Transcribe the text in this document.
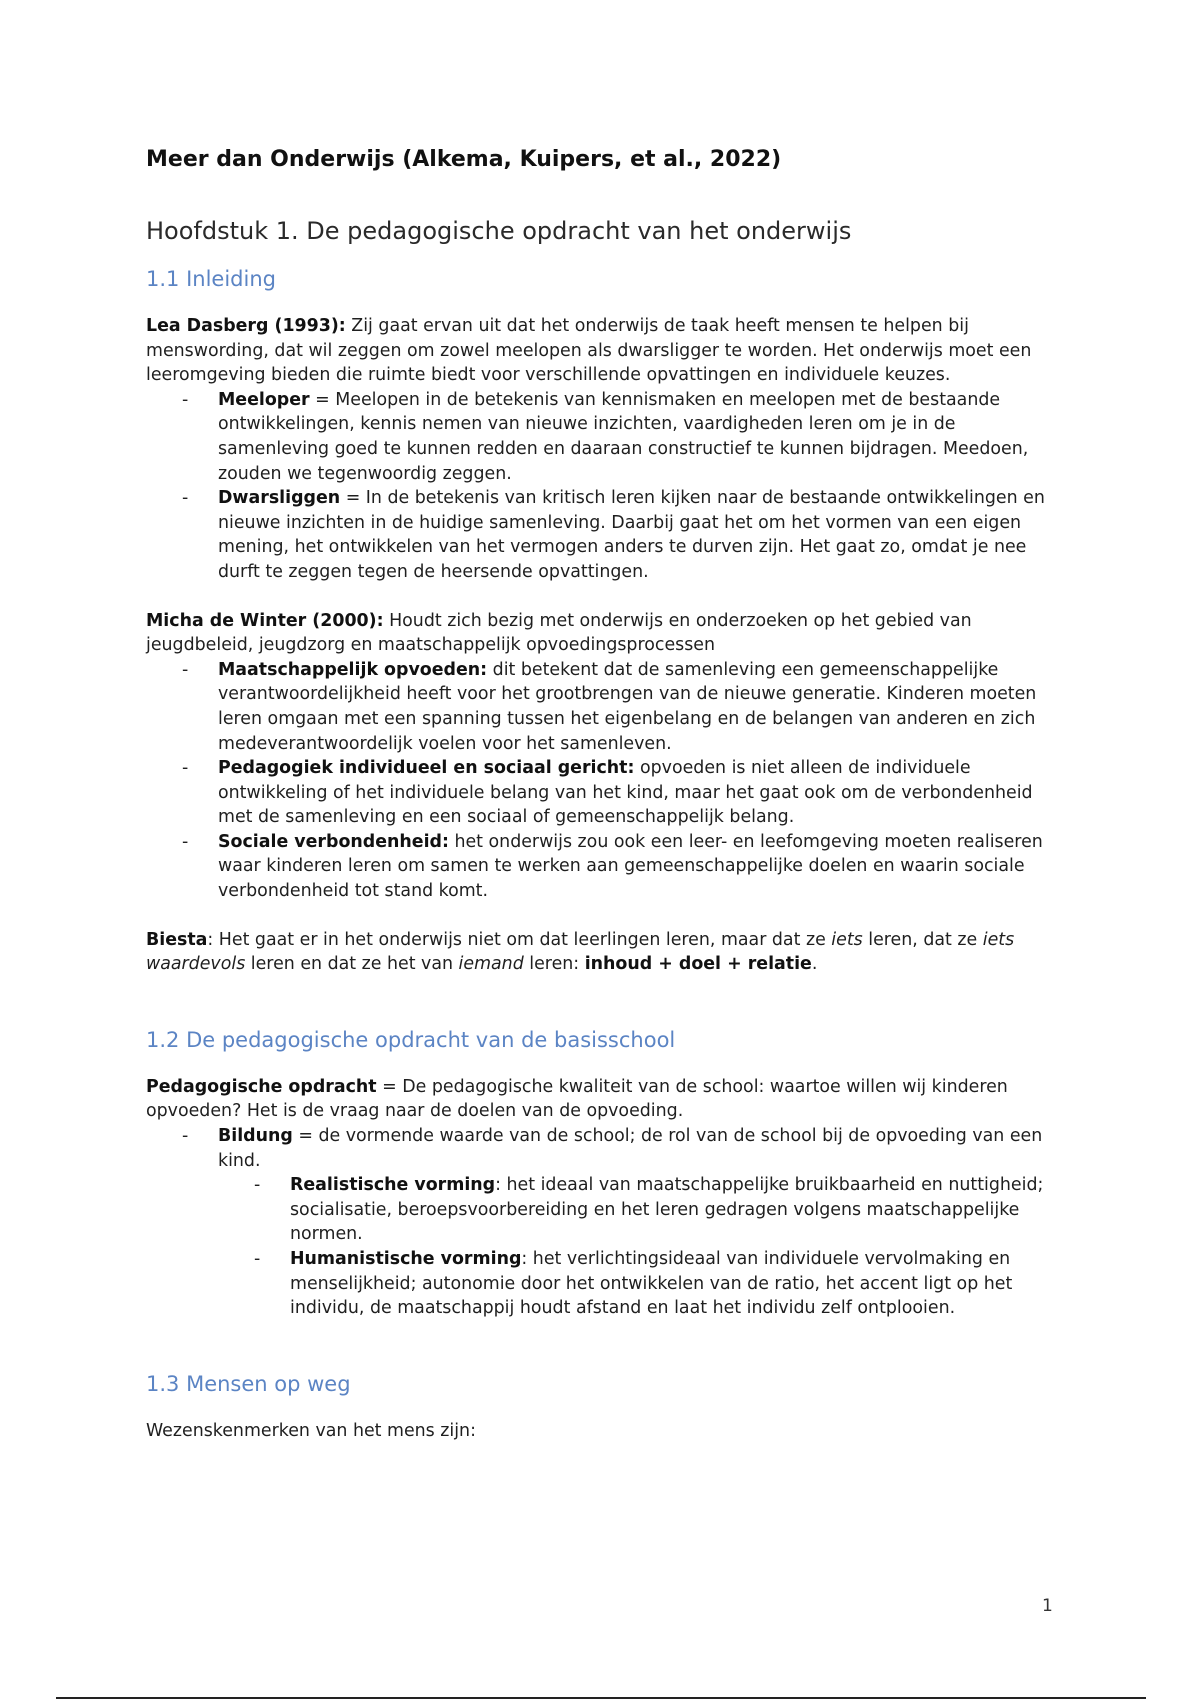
Meer dan Onderwijs (Alkema, Kuipers, et al., 2022)
Hoofdstuk 1. De pedagogische opdracht van het onderwijs
1.1 Inleiding

Lea Dasberg (1993): Zij gaat ervan uit dat het onderwijs de taak heeft mensen te helpen bij menswording, dat wil zeggen om zowel meelopen als dwarsligger te worden. Het onderwijs moet een leeromgeving bieden die ruimte biedt voor verschillende opvattingen en individuele keuzes.

- Meeloper = Meelopen in de betekenis van kennismaken en meelopen met de bestaande ontwikkelingen, kennis nemen van nieuwe inzichten, vaardigheden leren om je in de samenleving goed te kunnen redden en daaraan constructief te kunnen bijdragen. Meedoen, zouden we tegenwoordig zeggen.
- Dwarsliggen = In de betekenis van kritisch leren kijken naar de bestaande ontwikkelingen en nieuwe inzichten in de huidige samenleving. Daarbij gaat het om het vormen van een eigen mening, het ontwikkelen van het vermogen anders te durven zijn. Het gaat zo, omdat je nee durft te zeggen tegen de heersende opvattingen.

Micha de Winter (2000): Houdt zich bezig met onderwijs en onderzoeken op het gebied van jeugdbeleid, jeugdzorg en maatschappelijk opvoedingsprocessen

- Maatschappelijk opvoeden: dit betekent dat de samenleving een gemeenschappelijke verantwoordelijkheid heeft voor het grootbrengen van de nieuwe generatie. Kinderen moeten leren omgaan met een spanning tussen het eigenbelang en de belangen van anderen en zich medeverantwoordelijk voelen voor het samenleven.
- Pedagogiek individueel en sociaal gericht: opvoeden is niet alleen de individuele ontwikkeling of het individuele belang van het kind, maar het gaat ook om de verbondenheid met de samenleving en een sociaal of gemeenschappelijk belang.
- Sociale verbondenheid: het onderwijs zou ook een leer- en leefomgeving moeten realiseren waar kinderen leren om samen te werken aan gemeenschappelijke doelen en waarin sociale verbondenheid tot stand komt.

Biesta: Het gaat er in het onderwijs niet om dat leerlingen leren, maar dat ze iets leren, dat ze iets waardevols leren en dat ze het van iemand leren: inhoud + doel + relatie.

1.2 De pedagogische opdracht van de basisschool

Pedagogische opdracht = De pedagogische kwaliteit van de school: waartoe willen wij kinderen opvoeden? Het is de vraag naar de doelen van de opvoeding.

- Bildung = de vormende waarde van de school; de rol van de school bij de opvoeding van een kind.
- Realistische vorming: het ideaal van maatschappelijke bruikbaarheid en nuttigheid; socialisatie, beroepsvoorbereiding en het leren gedragen volgens maatschappelijke normen.
- Humanistische vorming: het verlichtingsideaal van individuele vervolmaking en menselijkheid; autonomie door het ontwikkelen van de ratio, het accent ligt op het individu, de maatschappij houdt afstand en laat het individu zelf ontplooien.
1.3 Mensen op weg

Wezenskenmerken van het mens zijn:

1
